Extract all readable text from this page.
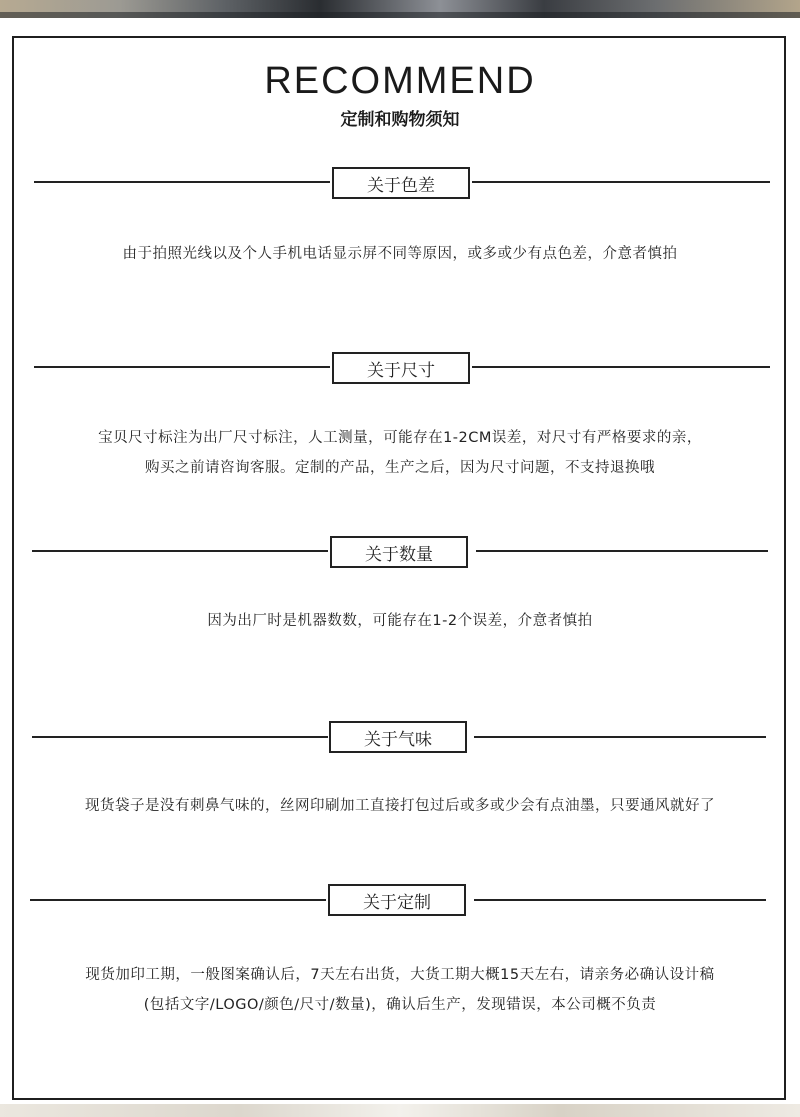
RECOMMEND
定制和购物须知
关于色差
由于拍照光线以及个人手机电话显示屏不同等原因，或多或少有点色差，介意者慎拍
关于尺寸
宝贝尺寸标注为出厂尺寸标注，人工测量，可能存在1-2CM误差，对尺寸有严格要求的亲，
购买之前请咨询客服。定制的产品，生产之后，因为尺寸问题，不支持退换哦
关于数量
因为出厂时是机器数数，可能存在1-2个误差，介意者慎拍
关于气味
现货袋子是没有刺鼻气味的，丝网印刷加工直接打包过后或多或少会有点油墨，只要通风就好了
关于定制
现货加印工期，一般图案确认后，7天左右出货，大货工期大概15天左右，请亲务必确认设计稿
(包括文字/LOGO/颜色/尺寸/数量)，确认后生产，发现错误，本公司概不负责
